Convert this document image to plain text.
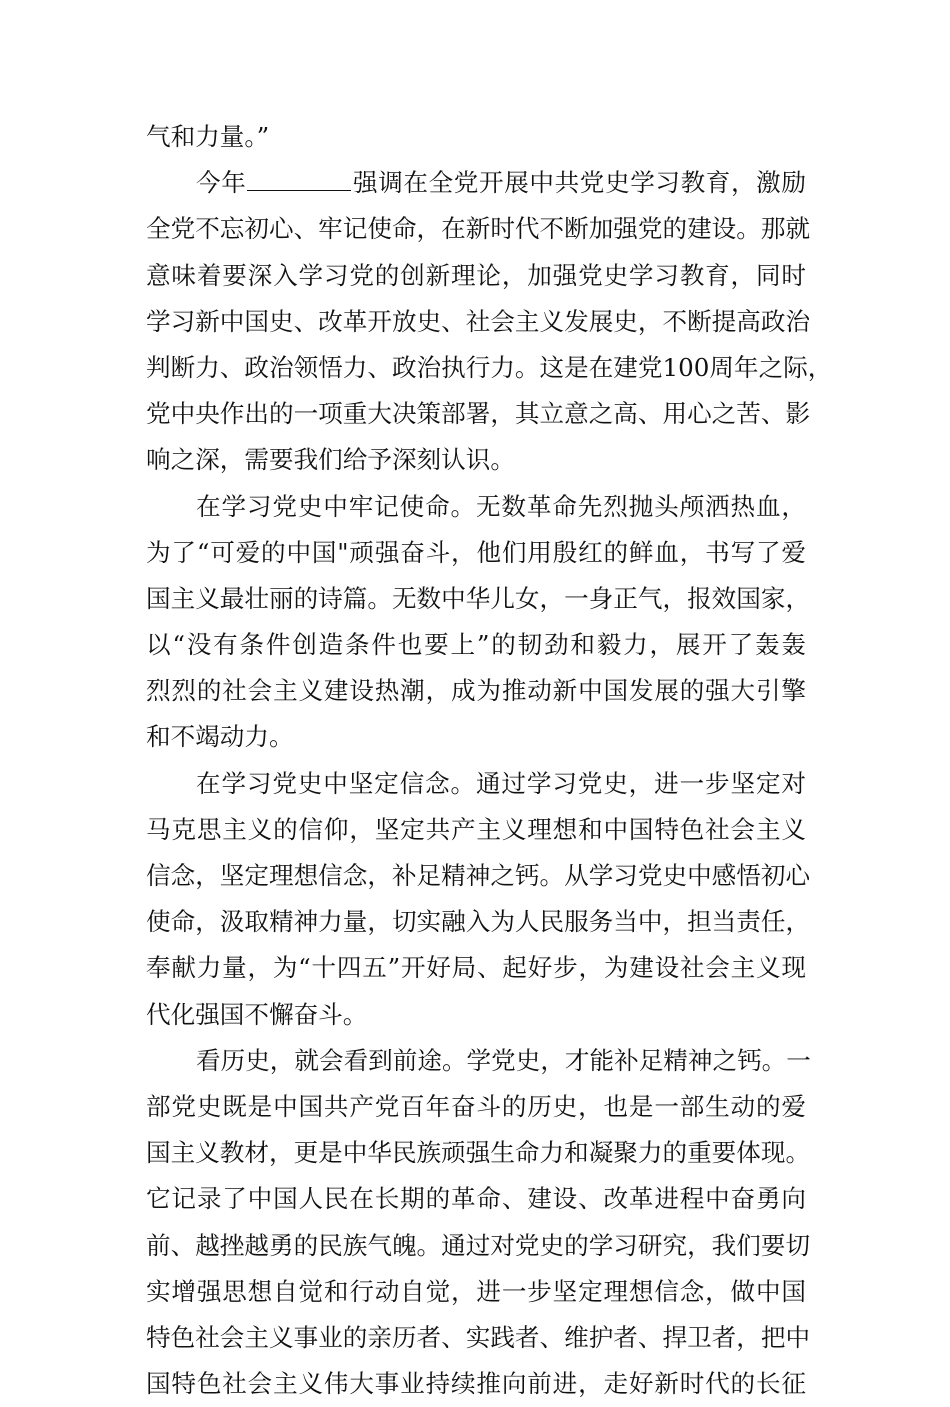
气和力量。”

今年	强调在全党开展中共党史学习教育，激励
全党不忘初心、牢记使命，在新时代不断加强党的建设。那就
意味着要深入学习党的创新理论，加强党史学习教育，同时
学习新中国史、改革开放史、社会主义发展史，不断提高政治
判断力、政治领悟力、政治执行力。这是在建党100周年之际，
党中央作出的一项重大决策部署，其立意之高、用心之苦、影
响之深，需要我们给予深刻认识。

在学习党史中牢记使命。无数革命先烈抛头颅洒热血，
为了“可爱的中国"顽强奋斗，他们用殷红的鲜血，书写了爱
国主义最壮丽的诗篇。无数中华儿女，一身正气，报效国家，
以“没有条件创造条件也要上”的韧劲和毅力，展开了轰轰
烈烈的社会主义建设热潮，成为推动新中国发展的强大引擎
和不竭动力。

在学习党史中坚定信念。通过学习党史，进一步坚定对
马克思主义的信仰，坚定共产主义理想和中国特色社会主义
信念，坚定理想信念，补足精神之钙。从学习党史中感悟初心
使命，汲取精神力量，切实融入为人民服务当中，担当责任，
奉献力量，为“十四五”开好局、起好步，为建设社会主义现
代化强国不懈奋斗。

看历史，就会看到前途。学党史，才能补足精神之钙。一
部党史既是中国共产党百年奋斗的历史，也是一部生动的爱
国主义教材，更是中华民族顽强生命力和凝聚力的重要体现。
它记录了中国人民在长期的革命、建设、改革进程中奋勇向
前、越挫越勇的民族气魄。通过对党史的学习研究，我们要切
实增强思想自觉和行动自觉，进一步坚定理想信念，做中国
特色社会主义事业的亲历者、实践者、维护者、捍卫者，把中
国特色社会主义伟大事业持续推向前进，走好新时代的长征
